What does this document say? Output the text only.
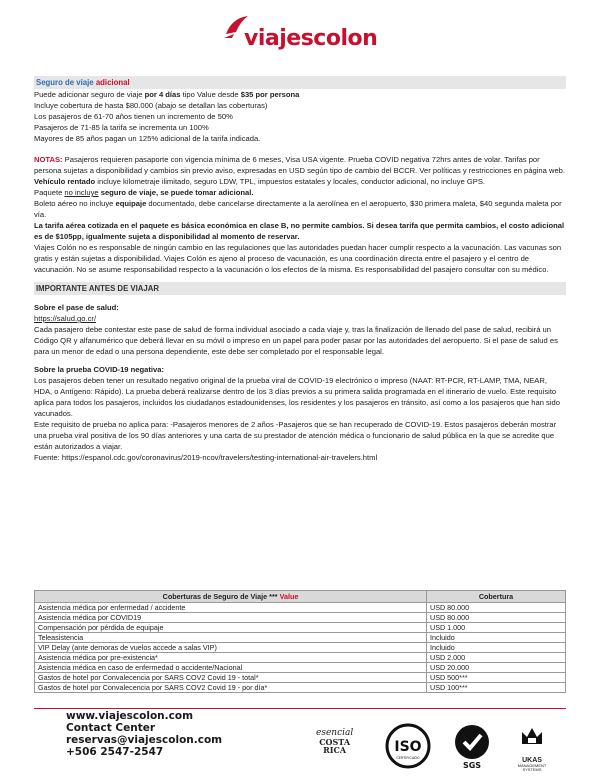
viajescolon
Seguro de viaje adicional

Puede adicionar seguro de viaje por 4 días tipo Value desde $35 por persona

Incluye cobertura de hasta $80.000 (abajo se detallan las coberturas)

Los pasajeros de 61-70 años tienen un incremento de 50%

Pasajeros de 71-85 la tarifa se incrementa un 100%

Mayores de 85 años pagan un 125% adicional de la tarifa indicada.

NOTAS: Pasajeros requieren pasaporte con vigencia mínima de 6 meses, Visa USA vigente. Prueba COVID negativa 72hrs antes de volar. Tarifas por persona sujetas a disponibilidad y cambios sin previo aviso, expresadas en USD según tipo de cambio del BCCR. Ver políticas y restricciones en página web.

Vehículo rentado incluye kilometraje ilimitado, seguro LDW, TPL, impuestos estatales y locales, conductor adicional, no incluye GPS.

Paquete no incluye seguro de viaje, se puede tomar adicional.

Boleto aéreo no incluye equipaje documentado, debe cancelarse directamente a la aerolínea en el aeropuerto, $30 primera maleta, $40 segunda maleta por vía.

La tarifa aérea cotizada en el paquete es básica económica en clase B, no permite cambios. Si desea tarifa que permita cambios, el costo adicional es de $105pp, igualmente sujeta a disponibilidad al momento de reservar.

Viajes Colón no es responsable de ningún cambio en las regulaciones que las autoridades puedan hacer cumplir respecto a la vacunación. Las vacunas son gratis y están sujetas a disponibilidad. Viajes Colón es ajeno al proceso de vacunación, es una coordinación directa entre el pasajero y el centro de vacunación. No se asume responsabilidad respecto a la vacunación o los efectos de la misma. Es responsabilidad del pasajero consultar con su médico.

IMPORTANTE ANTES DE VIAJAR

Sobre el pase de salud:

https://salud.go.cr/

Cada pasajero debe contestar este pase de salud de forma individual asociado a cada viaje y, tras la finalización de llenado del pase de salud, recibirá un Código QR y alfanumérico que deberá llevar en su móvil o impreso en un papel para poder pasar por las autoridades del aeropuerto. Si el pase de salud es para un menor de edad o una persona dependiente, este debe ser completado por el responsable legal.

Sobre la prueba COVID-19 negativa:

Los pasajeros deben tener un resultado negativo original de la prueba viral de COVID-19 electrónico o impreso (NAAT: RT-PCR, RT-LAMP, TMA, NEAR, HDA, o Antígeno: Rápido). La prueba deberá realizarse dentro de los 3 días previos a su primera salida programada en el itinerario de vuelo. Este requisito aplica para todos los pasajeros, incluidos los ciudadanos estadounidenses, los residentes y los pasajeros en tránsito, así como a los pasajeros que han sido vacunados.

Este requisito de prueba no aplica para: -Pasajeros menores de 2 años -Pasajeros que se han recuperado de COVID-19. Estos pasajeros deberán mostrar una prueba viral positiva de los 90 días anteriores y una carta de su prestador de atención médica o funcionario de salud pública en la que se acredite que están autorizados a viajar.

Fuente: https://espanol.cdc.gov/coronavirus/2019-ncov/travelers/testing-international-air-travelers.html

Coberturas de Seguro de Viaje *** Value	Cobertura
Asistencia médica por enfermedad / accidente	USD 80.000
Asistencia médica por COVID19	USD 80.000
Compensación por pérdida de equipaje	USD 1.000
Teleasistencia	Incluido
VIP Delay (ante demoras de vuelos accede a salas VIP)	Incluido
Asistencia médica por pre-existencia*	USD 2.000
Asistencia médica en caso de enfermedad o accidente/Nacional	USD 20.000
Gastos de hotel por Convalecencia por SARS COV2 Covid 19 - total*	USD 500***
Gastos de hotel por Convalecencia por SARS COV2 Covid 19 - por día*	USD 100***
www.viajescolon.com
Contact Center
reservas@viajescolon.com
+506 2547-2547
esencial
COSTA
RICA	ISO
CERTIFICADO
SGS
UKAS
MANAGEMENT SYSTEMS
